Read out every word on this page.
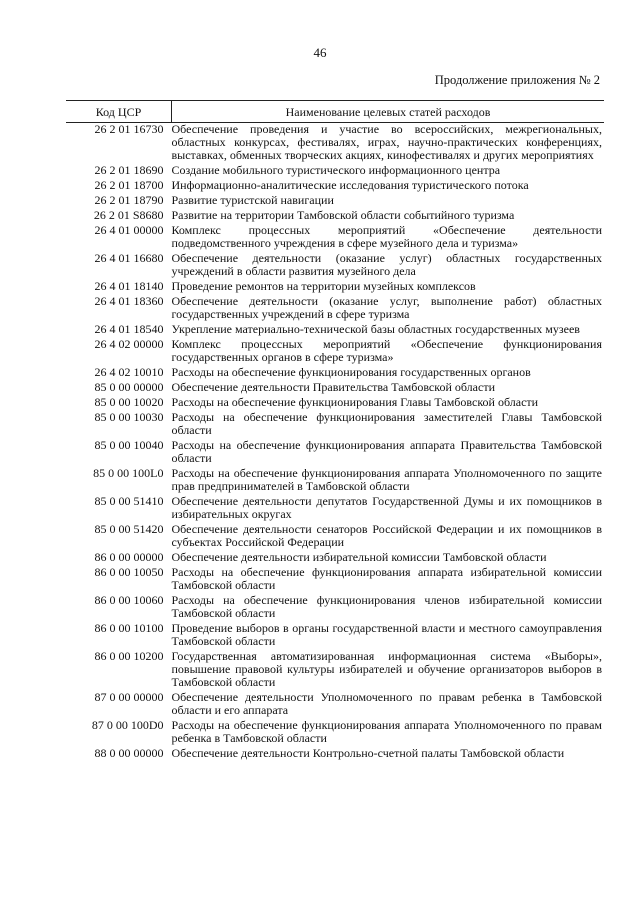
46
Продолжение приложения № 2
Код ЦСР	Наименование целевых статей расходов
26 2 01 16730	Обеспечение проведения и участие во всероссийских, межрегиональных, областных конкурсах, фестивалях, играх, научно-практических конференциях, выставках, обменных творческих акциях, кинофестивалях и других мероприятиях
26 2 01 18690	Создание мобильного туристического информационного центра
26 2 01 18700	Информационно-аналитические исследования туристического потока
26 2 01 18790	Развитие туристской навигации
26 2 01 S8680	Развитие на территории Тамбовской области событийного туризма
26 4 01 00000	Комплекс процессных мероприятий «Обеспечение деятельности подведомственного учреждения в сфере музейного дела и туризма»
26 4 01 16680	Обеспечение деятельности (оказание услуг) областных государственных учреждений в области развития музейного дела
26 4 01 18140	Проведение ремонтов на территории музейных комплексов
26 4 01 18360	Обеспечение деятельности (оказание услуг, выполнение работ) областных государственных учреждений в сфере туризма
26 4 01 18540	Укрепление материально-технической базы областных государственных музеев
26 4 02 00000	Комплекс процессных мероприятий «Обеспечение функционирования государственных органов в сфере туризма»
26 4 02 10010	Расходы на обеспечение функционирования государственных органов
85 0 00 00000	Обеспечение деятельности Правительства Тамбовской области
85 0 00 10020	Расходы на обеспечение функционирования Главы Тамбовской области
85 0 00 10030	Расходы на обеспечение функционирования заместителей Главы Тамбовской области
85 0 00 10040	Расходы на обеспечение функционирования аппарата Правительства Тамбовской области
85 0 00 100L0	Расходы на обеспечение функционирования аппарата Уполномоченного по защите прав предпринимателей в Тамбовской области
85 0 00 51410	Обеспечение деятельности депутатов Государственной Думы и их помощников в избирательных округах
85 0 00 51420	Обеспечение деятельности сенаторов Российской Федерации и их помощников в субъектах Российской Федерации
86 0 00 00000	Обеспечение деятельности избирательной комиссии Тамбовской области
86 0 00 10050	Расходы на обеспечение функционирования аппарата избирательной комиссии Тамбовской области
86 0 00 10060	Расходы на обеспечение функционирования членов избирательной комиссии Тамбовской области
86 0 00 10100	Проведение выборов в органы государственной власти и местного самоуправления Тамбовской области
86 0 00 10200	Государственная автоматизированная информационная система «Выборы», повышение правовой культуры избирателей и обучение организаторов выборов в Тамбовской области
87 0 00 00000	Обеспечение деятельности Уполномоченного по правам ребенка в Тамбовской области и его аппарата
87 0 00 100D0	Расходы на обеспечение функционирования аппарата Уполномоченного по правам ребенка в Тамбовской области
88 0 00 00000	Обеспечение деятельности Контрольно-счетной палаты Тамбовской области
